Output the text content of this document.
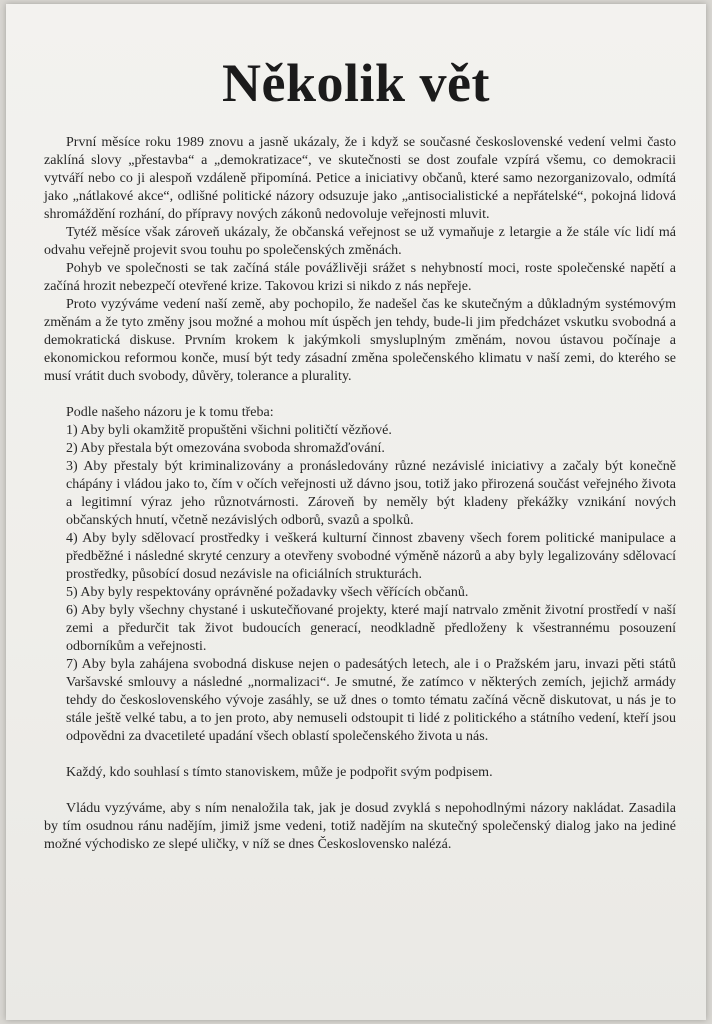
Několik vět

První měsíce roku 1989 znovu a jasně ukázaly, že i když se současné československé vedení velmi často zaklíná slovy „přestavba“ a „demokratizace“, ve skutečnosti se dost zoufale vzpírá všemu, co demokracii vytváří nebo co ji alespoň vzdáleně připomíná. Petice a iniciativy občanů, které samo nezorganizovalo, odmítá jako „nátlakové akce“, odlišné politické názory odsuzuje jako „antisocialistické a nepřátelské“, pokojná lidová shromáždění rozhání, do přípravy nových zákonů nedovoluje veřejnosti mluvit.

Tytéž měsíce však zároveň ukázaly, že občanská veřejnost se už vymaňuje z letargie a že stále víc lidí má odvahu veřejně projevit svou touhu po společenských změnách.

Pohyb ve společnosti se tak začíná stále povážlivěji srážet s nehybností moci, roste společenské napětí a začíná hrozit nebezpečí otevřené krize. Takovou krizi si nikdo z nás nepřeje.

Proto vyzýváme vedení naší země, aby pochopilo, že nadešel čas ke skutečným a důkladným systémovým změnám a že tyto změny jsou možné a mohou mít úspěch jen tehdy, bude-li jim předcházet vskutku svobodná a demokratická diskuse. Prvním krokem k jakýmkoli smysluplným změnám, novou ústavou počínaje a ekonomickou reformou konče, musí být tedy zásadní změna společenského klimatu v naší zemi, do kterého se musí vrátit duch svobody, důvěry, tolerance a plurality.

Podle našeho názoru je k tomu třeba:

1) Aby byli okamžitě propuštěni všichni političtí vězňové.

2) Aby přestala být omezována svoboda shromažďování.

3) Aby přestaly být kriminalizovány a pronásledovány různé nezávislé iniciativy a začaly být konečně chápány i vládou jako to, čím v očích veřejnosti už dávno jsou, totiž jako přirozená součást veřejného života a legitimní výraz jeho různotvárnosti. Zároveň by neměly být kladeny překážky vznikání nových občanských hnutí, včetně nezávislých odborů, svazů a spolků.

4) Aby byly sdělovací prostředky i veškerá kulturní činnost zbaveny všech forem politické manipulace a předběžné i následné skryté cenzury a otevřeny svobodné výměně názorů a aby byly legalizovány sdělovací prostředky, působící dosud nezávisle na oficiálních strukturách.

5) Aby byly respektovány oprávněné požadavky všech věřících občanů.

6) Aby byly všechny chystané i uskutečňované projekty, které mají natrvalo změnit životní prostředí v naší zemi a předurčit tak život budoucích generací, neodkladně předloženy k všestrannému posouzení odborníkům a veřejnosti.

7) Aby byla zahájena svobodná diskuse nejen o padesátých letech, ale i o Pražském jaru, invazi pěti států Varšavské smlouvy a následné „normalizaci“. Je smutné, že zatímco v některých zemích, jejichž armády tehdy do československého vývoje zasáhly, se už dnes o tomto tématu začíná věcně diskutovat, u nás je to stále ještě velké tabu, a to jen proto, aby nemuseli odstoupit ti lidé z politického a státního vedení, kteří jsou odpovědni za dvacetileté upadání všech oblastí společenského života u nás.

Každý, kdo souhlasí s tímto stanoviskem, může je podpořit svým podpisem.

Vládu vyzýváme, aby s ním nenaložila tak, jak je dosud zvyklá s nepohodlnými názory nakládat. Zasadila by tím osudnou ránu nadějím, jimiž jsme vedeni, totiž nadějím na skutečný společenský dialog jako na jediné možné východisko ze slepé uličky, v níž se dnes Československo nalézá.
